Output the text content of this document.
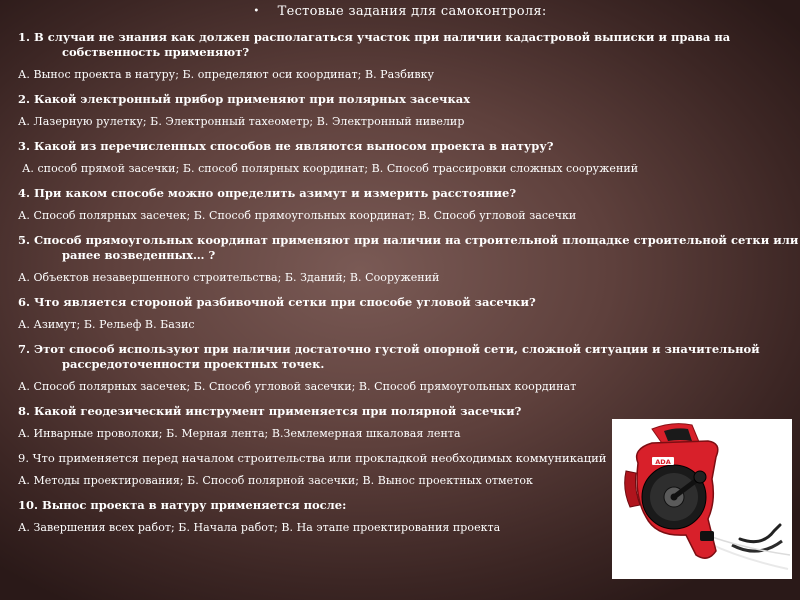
• Тестовые задания для самоконтроля:

1. В случаи не знания как должен располагаться участок при наличии кадастровой выписки и права на собственность применяют?

А. Вынос проекта в натуру; Б. определяют оси координат; В. Разбивку

2. Какой электронный прибор применяют при полярных засечках

А. Лазерную рулетку; Б. Электронный тахеометр; В. Электронный нивелир

3. Какой из перечисленных способов не являются выносом проекта в натуру?

А. способ прямой засечки; Б. способ полярных координат; В. Способ трассировки сложных сооружений

4. При каком способе можно определить азимут и измерить расстояние?

А. Способ полярных засечек; Б. Способ прямоугольных координат; В. Способ угловой засечки

5. Способ прямоугольных координат применяют при наличии на строительной площадке строительной сетки или ранее возведенных… ?

А. Объектов незавершенного строительства; Б. Зданий; В. Сооружений

6. Что является стороной разбивочной сетки при способе угловой засечки?

А. Азимут; Б. Рельеф В. Базис

7. Этот способ используют при наличии достаточно густой опорной сети, сложной ситуации и значительной рассредоточенности проектных точек.

А. Способ полярных засечек; Б. Способ угловой засечки; В. Способ прямоугольных координат

8. Какой геодезический инструмент применяется при полярной засечки?

А. Инварные проволоки; Б. Мерная лента; В.Землемерная шкаловая лента

9. Что применяется перед началом строительства или прокладкой необходимых коммуникаций

А. Методы проектирования; Б. Способ полярной засечки; В. Вынос проектных отметок

10. Вынос проекта в натуру применяется после:

А. Завершения всех работ; Б. Начала работ; В. На этапе проектирования проекта

ADA
